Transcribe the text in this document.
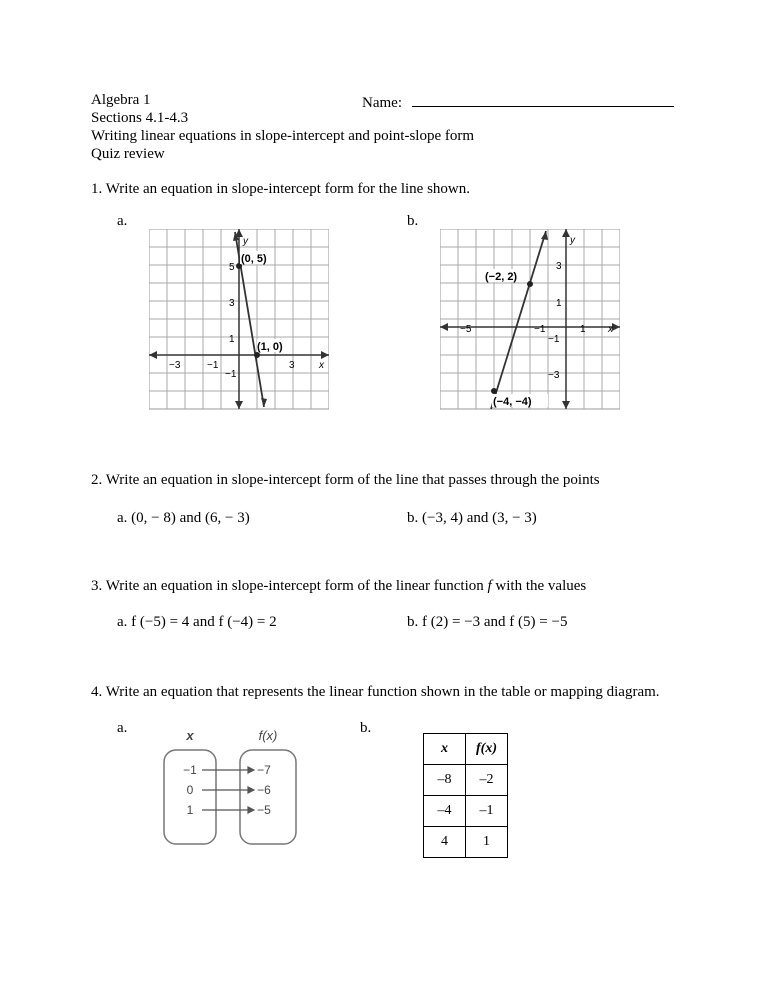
Algebra 1	Name:
Sections 4.1-4.3
Writing linear equations in slope-intercept and point-slope form
Quiz review
1. Write an equation in slope-intercept form for the line shown.
a.	b.
(0, 5)
(1, 0)
y
x
−3	−1	3
5
3
1
−1
(−2, 2)
(−4, −4)
y
x
−5	−1	1
3
1
−1
−3
2. Write an equation in slope-intercept form of the line that passes through the points
a. (0, − 8) and (6, − 3)	b. (−3, 4) and (3, − 3)
3. Write an equation in slope-intercept form of the linear function f with the values
a. f (−5) = 4 and f (−4) = 2	b. f (2) = −3 and f (5) = −5
4. Write an equation that represents the linear function shown in the table or mapping diagram.
a.	b.
x	f(x)
−1
0
1
−7
−6
−5
x	f(x)
–8	–2
–4	–1
4	1
